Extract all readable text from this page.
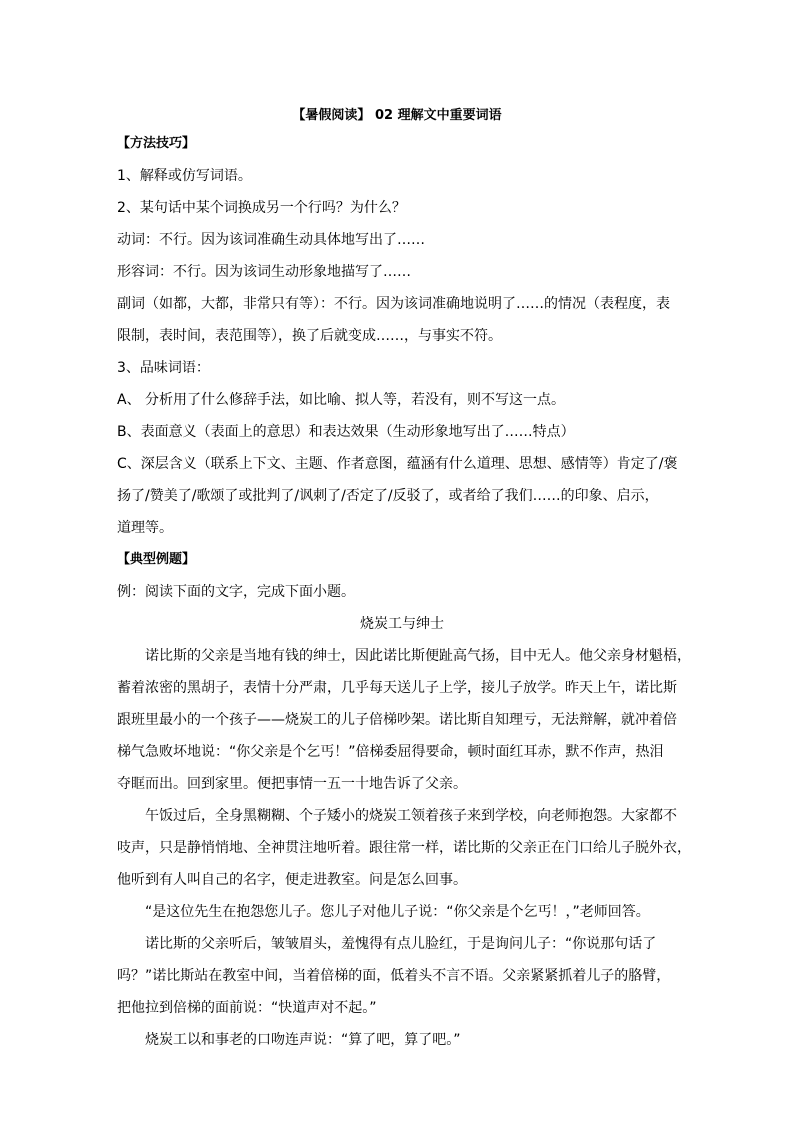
【暑假阅读】 02 理解文中重要词语

【方法技巧】

1、解释或仿写词语。

2、某句话中某个词换成另一个行吗？为什么？

动词：不行。因为该词准确生动具体地写出了……

形容词：不行。因为该词生动形象地描写了……

副词（如都，大都，非常只有等）：不行。因为该词准确地说明了……的情况（表程度，表

限制，表时间，表范围等），换了后就变成……，与事实不符。

3、品味词语：

A、 分析用了什么修辞手法，如比喻、拟人等，若没有，则不写这一点。

B、表面意义（表面上的意思）和表达效果（生动形象地写出了……特点）

C、深层含义（联系上下文、主题、作者意图，蕴涵有什么道理、思想、感情等）肯定了/褒

扬了/赞美了/歌颂了或批判了/讽刺了/否定了/反驳了，或者给了我们……的印象、启示，

道理等。

【典型例题】

例：阅读下面的文字，完成下面小题。

烧炭工与绅士

诺比斯的父亲是当地有钱的绅士，因此诺比斯便趾高气扬，目中无人。他父亲身材魁梧，

蓄着浓密的黑胡子，表情十分严肃，几乎每天送儿子上学，接儿子放学。昨天上午，诺比斯

跟班里最小的一个孩子——烧炭工的儿子倍梯吵架。诺比斯自知理亏，无法辩解，就冲着倍

梯气急败坏地说：“你父亲是个乞丐！”倍梯委屈得要命，顿时面红耳赤，默不作声，热泪

夺眶而出。回到家里。便把事情一五一十地告诉了父亲。

午饭过后，全身黑糊糊、个子矮小的烧炭工领着孩子来到学校，向老师抱怨。大家都不

吱声，只是静悄悄地、全神贯注地听着。跟往常一样，诺比斯的父亲正在门口给儿子脱外衣，

他听到有人叫自己的名字，便走进教室。问是怎么回事。

“是这位先生在抱怨您儿子。您儿子对他儿子说：“你父亲是个乞丐！，”老师回答。

诺比斯的父亲听后，皱皱眉头，羞愧得有点儿脸红，于是询问儿子：“你说那句话了

吗？”诺比斯站在教室中间，当着倍梯的面，低着头不言不语。父亲紧紧抓着儿子的胳臂，

把他拉到倍梯的面前说：“快道声对不起。”

烧炭工以和事老的口吻连声说：“算了吧，算了吧。”
